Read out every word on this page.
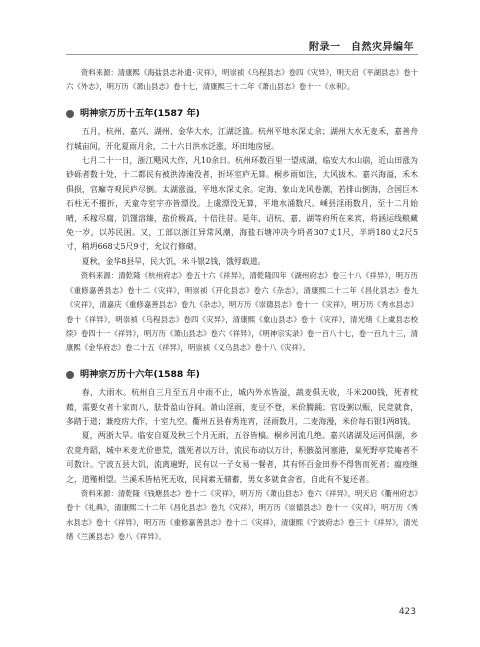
附录一　自然灾异编年

资料来源：清康熙《海盐县志补遗·灾祥》，明崇祯《乌程县志》卷四《灾异》，明天启《平湖县志》卷十六《外志》，明万历《萧山县志》卷十七，清康熙三十二年《萧山县志》卷十一《水利》。

明神宗万历十五年(1587 年)

五月，杭州、嘉兴、湖州、金华大水，江湖泛滥。杭州平地水深丈余；湖州大水无麦禾，嘉善舟行城亩间，开化夏雨月余，二十六日洪水泛涨，坏田地房屋。

七月二十一日，浙江飓风大作，凡10余日。杭州环数百里一望成湖，临安大水山崩，近山田涨为砂砾者数十处，十二都民有被洪涛淹没者，折坏室庐无算。桐乡雨如注，大风拔木。嘉兴海溢，禾木俱损，官廨寺观民庐尽倒。太湖涨溢，平地水深丈余。定海、象山龙风卷潮，若排山倒海，合国巨木石柱无不摧折，天童寺室宇亦皆漂没。上虞漂没无算，平地水涌数尺。嵊县淫雨数月，至十二月始晴，禾稼尽腐，饥馑溶臻，盐价极高，十倍往昔。是年，诏杭、嘉、湖等府所在来宾，将涵运线粮藏免一岁，以苏民困。又，工部以浙江异常风潮，海盐石塘冲决今坍者307丈1尺，半坍180丈2尺5寸，稍坍668丈5尺9寸，允议行修砌。

夏秋，金华8县旱，民大饥，米斗银2钱，饿殍载道。

资料来源：清乾隆《杭州府志》卷五十六《祥异》，清乾隆四年《湖州府志》卷三十八《祥异》，明万历《重修嘉善县志》卷十二《灾祥》，明崇祯《开化县志》卷六《杂志》，清康熙二十二年《昌化县志》卷九《灾祥》，清嘉庆《重修嘉善县志》卷九《杂志》，明万历《崇德县志》卷十一《灾祥》，明万历《秀水县志》卷十《祥异》，明崇祯《乌程县志》卷四《灾异》，清康熙《象山县志》卷十《灾祥》，清光绪《上虞县志校续》卷四十一《祥异》，明万历《萧山县志》卷六《祥异》，《明神宗实录》卷一百八十七，卷一百九十三，清康熙《金华府志》卷二十五《祥异》，明崇祯《义乌县志》卷十八《灾祥》。

明神宗万历十六年(1588 年)

春，大雨水。杭州自三月至五月中雨不止，城内外水皆溢，蔬麦俱无收，斗米200钱，死者枕藉，需要女者十家而八，胠骨盈山谷间。萧山淫雨，麦豆不登，米价腾踊；官设粥以赈，民竞就食，多踏于道；兼疫疠大作，十室九空。衢州五县春秀连宵，淫雨数月，二麦海漫，米价每石银1两8钱。

夏，两浙大旱。临安自夏及秋三个月无雨，五谷皆槁。桐乡河流几绝。嘉兴诸湖及运河俱涸，乡农竟舟蹈，城中米麦尤价患荒，饿死者以万计，流民布动以万计，积骸盈河塞港，臬死野亭荒庵者不可数计。宁波五县大饥，流离遍野，民有以一子女易一餐者，其有怀百金田券不得售而死者；瘟疫继之，道殣相望。兰溪禾皆枯死无收，民间素无储蓄，男女多就食舍省，自此有不复还者。

资料来源：清乾隆《钱塘县志》卷十二《灾祥》，明万历《萧山县志》卷六《祥异》，明天启《衢州府志》卷十《礼典》，清康熙二十二年《昌化县志》卷九《灾祥》，明万历《崇德县志》卷十一《灾祥》，明万历《秀水县志》卷十《祥异》，明万历《重修嘉善县志》卷十二《灾祥》，清康熙《宁波府志》卷三十《祥异》，清光绪《兰溪县志》卷八《祥异》。

423
